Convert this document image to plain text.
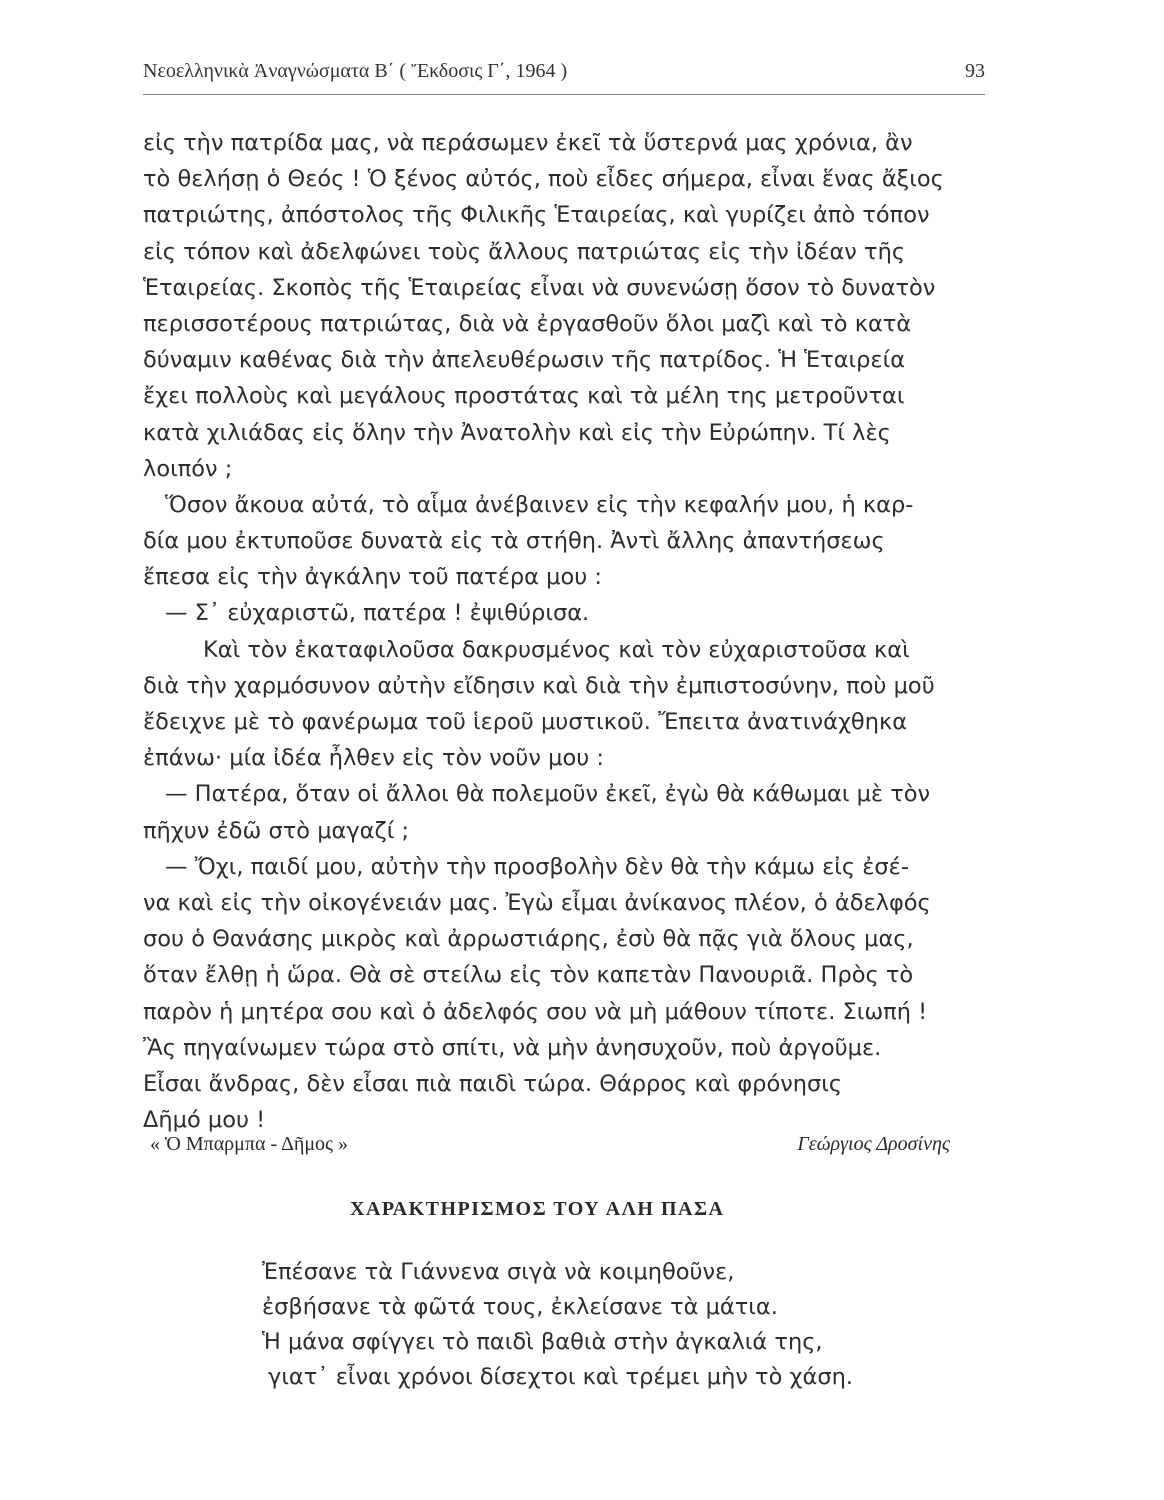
Νεοελληνικὰ Ἀναγνώσματα Β΄ ( Ἔκδοσις Γ΄, 1964 )	93
εἰς τὴν πατρίδα μας, νὰ περάσωμεν ἐκεῖ τὰ ὕστερνά μας χρόνια, ἂν
τὸ θελήσῃ ὁ Θεός ! Ὁ ξένος αὐτός, ποὺ εἶδες σήμερα, εἶναι ἕνας ἄξιος
πατριώτης, ἀπόστολος τῆς Φιλικῆς Ἑταιρείας, καὶ γυρίζει ἀπὸ τόπον
εἰς τόπον καὶ ἀδελφώνει τοὺς ἄλλους πατριώτας εἰς τὴν ἰδέαν τῆς
Ἑταιρείας. Σκοπὸς τῆς Ἑταιρείας εἶναι νὰ συνενώσῃ ὅσον τὸ δυνατὸν
περισσοτέρους πατριώτας, διὰ νὰ ἐργασθοῦν ὅλοι μαζὶ καὶ τὸ κατὰ
δύναμιν καθένας διὰ τὴν ἀπελευθέρωσιν τῆς πατρίδος. Ἡ Ἑταιρεία
ἔχει πολλοὺς καὶ μεγάλους προστάτας καὶ τὰ μέλη της μετροῦνται
κατὰ χιλιάδας εἰς ὅλην τὴν Ἀνατολὴν καὶ εἰς τὴν Εὐρώπην. Τί λὲς
λοιπόν ;
Ὅσον ἄκουα αὐτά, τὸ αἷμα ἀνέβαινεν εἰς τὴν κεφαλήν μου, ἡ καρ-
δία μου ἐκτυποῦσε δυνατὰ εἰς τὰ στήθη. Ἀντὶ ἄλλης ἀπαντήσεως
ἔπεσα εἰς τὴν ἀγκάλην τοῦ πατέρα μου :
— Σ᾽ εὐχαριστῶ, πατέρα ! ἐψιθύρισα.
Καὶ τὸν ἐκαταφιλοῦσα δακρυσμένος καὶ τὸν εὐχαριστοῦσα καὶ
διὰ τὴν χαρμόσυνον αὐτὴν εἴδησιν καὶ διὰ τὴν ἐμπιστοσύνην, ποὺ μοῦ
ἔδειχνε μὲ τὸ φανέρωμα τοῦ ἱεροῦ μυστικοῦ. Ἔπειτα ἀνατινάχθηκα
ἐπάνω· μία ἰδέα ἦλθεν εἰς τὸν νοῦν μου :
— Πατέρα, ὅταν οἱ ἄλλοι θὰ πολεμοῦν ἐκεῖ, ἐγὼ θὰ κάθωμαι μὲ τὸν
πῆχυν ἐδῶ στὸ μαγαζί ;
— Ὄχι, παιδί μου, αὐτὴν τὴν προσβολὴν δὲν θὰ τὴν κάμω εἰς ἐσέ-
να καὶ εἰς τὴν οἰκογένειάν μας. Ἐγὼ εἶμαι ἀνίκανος πλέον, ὁ ἀδελφός
σου ὁ Θανάσης μικρὸς καὶ ἀρρωστιάρης, ἐσὺ θὰ πᾷς γιὰ ὅλους μας,
ὅταν ἔλθῃ ἡ ὥρα. Θὰ σὲ στείλω εἰς τὸν καπετὰν Πανουριᾶ. Πρὸς τὸ
παρὸν ἡ μητέρα σου καὶ ὁ ἀδελφός σου νὰ μὴ μάθουν τίποτε. Σιωπή !
Ἂς πηγαίνωμεν τώρα στὸ σπίτι, νὰ μὴν ἀνησυχοῦν, ποὺ ἀργοῦμε.
Εἶσαι ἄνδρας, δὲν εἶσαι πιὰ παιδὶ τώρα. Θάρρος καὶ φρόνησις
Δῆμό μου !
« Ὁ Μπαρμπα - Δῆμος »	Γεώργιος Δροσίνης
ΧΑΡΑΚΤΗΡΙΣΜΟΣ ΤΟΥ ΑΛΗ ΠΑΣΑ
Ἐπέσανε τὰ Γιάννενα σιγὰ νὰ κοιμηθοῦνε,
ἐσβήσανε τὰ φῶτά τους, ἐκλείσανε τὰ μάτια.
Ἡ μάνα σφίγγει τὸ παιδὶ βαθιὰ στὴν ἀγκαλιά της,
γιατ᾽ εἶναι χρόνοι δίσεχτοι καὶ τρέμει μὴν τὸ χάση.
